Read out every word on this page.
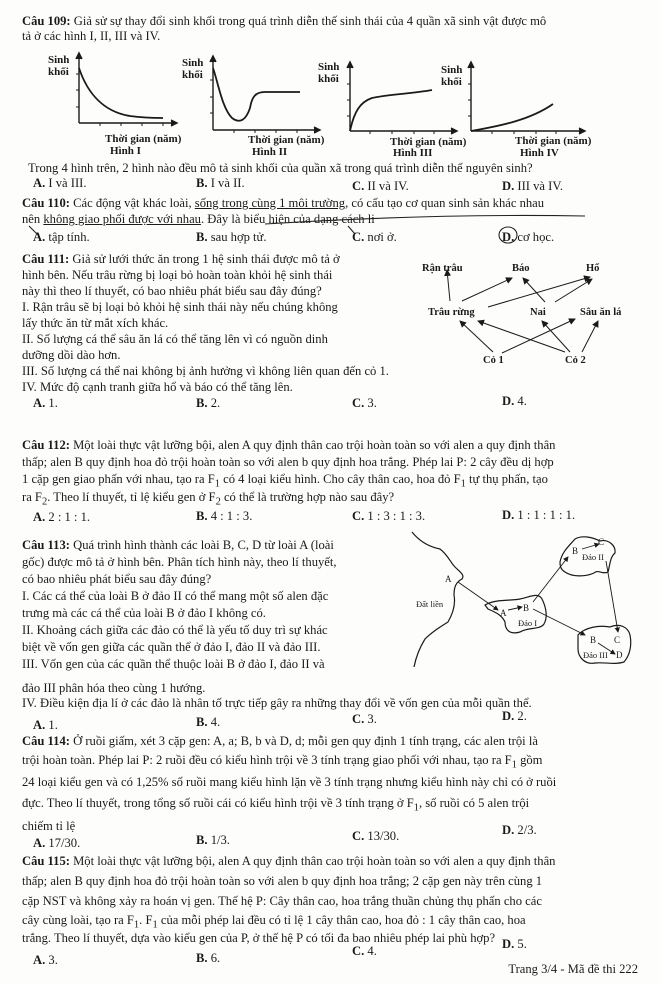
Câu 109: Giả sử sự thay đổi sinh khối trong quá trình diễn thế sinh thái của 4 quần xã sinh vật được mô
tả ở các hình I, II, III và IV.
Sinh
khối
Thời gian (năm)
Hình I
Sinh
khối
Thời gian (năm)
Hình II
Sinh
khối
Thời gian (năm)
Hình III
Sinh
khối
Thời gian (năm)
Hình IV
Trong 4 hình trên, 2 hình nào đều mô tả sinh khối của quần xã trong quá trình diễn thế nguyên sinh?
A. I và III.	B. I và II.	C. II và IV.	D. III và IV.
Câu 110: Các động vật khác loài, sống trong cùng 1 môi trường, có cấu tạo cơ quan sinh sản khác nhau
nên không giao phối được với nhau. Đây là biểu hiện của dạng cách li
A. tập tính.	B. sau hợp tử.	C. nơi ở.	D. cơ học.
Câu 111: Giả sử lưới thức ăn trong 1 hệ sinh thái được mô tả ở
hình bên. Nếu trâu rừng bị loại bỏ hoàn toàn khỏi hệ sinh thái
này thì theo lí thuyết, có bao nhiêu phát biểu sau đây đúng?
I. Rận trâu sẽ bị loại bỏ khỏi hệ sinh thái này nếu chúng không
lấy thức ăn từ mắt xích khác.
II. Số lượng cá thể sâu ăn lá có thể tăng lên vì có nguồn dinh
dưỡng dồi dào hơn.
III. Số lượng cá thể nai không bị ảnh hưởng vì không liên quan đến cỏ 1.
IV. Mức độ cạnh tranh giữa hổ và báo có thể tăng lên.
Rận trâu	Báo	Hổ
Trâu rừng	Nai	Sâu ăn lá
Cỏ 1	Cỏ 2
A. 1.	B. 2.	C. 3.	D. 4.
Câu 112: Một loài thực vật lưỡng bội, alen A quy định thân cao trội hoàn toàn so với alen a quy định thân
thấp; alen B quy định hoa đỏ trội hoàn toàn so với alen b quy định hoa trắng. Phép lai P: 2 cây đều dị hợp
1 cặp gen giao phấn với nhau, tạo ra $F_1$ có 4 loại kiểu hình. Cho cây thân cao, hoa đỏ $F_1$ tự thụ phấn, tạo
ra $F_2$. Theo lí thuyết, tỉ lệ kiểu gen ở $F_2$ có thể là trường hợp nào sau đây?
A. 2 : 1 : 1.	B. 4 : 1 : 3.	C. 1 : 3 : 1 : 3.	D. 1 : 1 : 1 : 1.
Câu 113: Quá trình hình thành các loài B, C, D từ loài A (loài
gốc) được mô tả ở hình bên. Phân tích hình này, theo lí thuyết,
có bao nhiêu phát biểu sau đây đúng?
I. Các cá thể của loài B ở đảo II có thể mang một số alen đặc
trưng mà các cá thể của loài B ở đảo I không có.
II. Khoảng cách giữa các đảo có thể là yếu tố duy trì sự khác
biệt về vốn gen giữa các quần thể ở đảo I, đảo II và đảo III.
III. Vốn gen của các quần thể thuộc loài B ở đảo I, đảo II và
đảo III phân hóa theo cùng 1 hướng.
IV. Điều kiện địa lí ở các đảo là nhân tố trực tiếp gây ra những thay đổi về vốn gen của mỗi quần thể.
Đất liền
A
A B
Đảo I
B
C
Đảo II
B C
Đảo III D
A. 1.	B. 4.	C. 3.	D. 2.
Câu 114: Ở ruồi giấm, xét 3 cặp gen: A, a; B, b và D, d; mỗi gen quy định 1 tính trạng, các alen trội là
trội hoàn toàn. Phép lai P: 2 ruồi đều có kiểu hình trội về 3 tính trạng giao phối với nhau, tạo ra $F_1$ gồm
24 loại kiểu gen và có 1,25% số ruồi mang kiểu hình lặn về 3 tính trạng nhưng kiểu hình này chỉ có ở ruồi
đực. Theo lí thuyết, trong tổng số ruồi cái có kiểu hình trội về 3 tính trạng ở $F_1$, số ruồi có 5 alen trội
chiếm tỉ lệ
A. 17/30.	B. 1/3.	C. 13/30.	D. 2/3.
Câu 115: Một loài thực vật lưỡng bội, alen A quy định thân cao trội hoàn toàn so với alen a quy định thân
thấp; alen B quy định hoa đỏ trội hoàn toàn so với alen b quy định hoa trắng; 2 cặp gen này trên cùng 1
cặp NST và không xảy ra hoán vị gen. Thế hệ P: Cây thân cao, hoa trắng thuần chủng thụ phấn cho các
cây cùng loài, tạo ra $F_1$. $F_1$ của mỗi phép lai đều có tỉ lệ 1 cây thân cao, hoa đỏ : 1 cây thân cao, hoa
trắng. Theo lí thuyết, dựa vào kiểu gen của P, ở thế hệ P có tối đa bao nhiêu phép lai phù hợp?
A. 3.	B. 6.	C. 4.	D. 5.
Trang 3/4 - Mã đề thi 222
